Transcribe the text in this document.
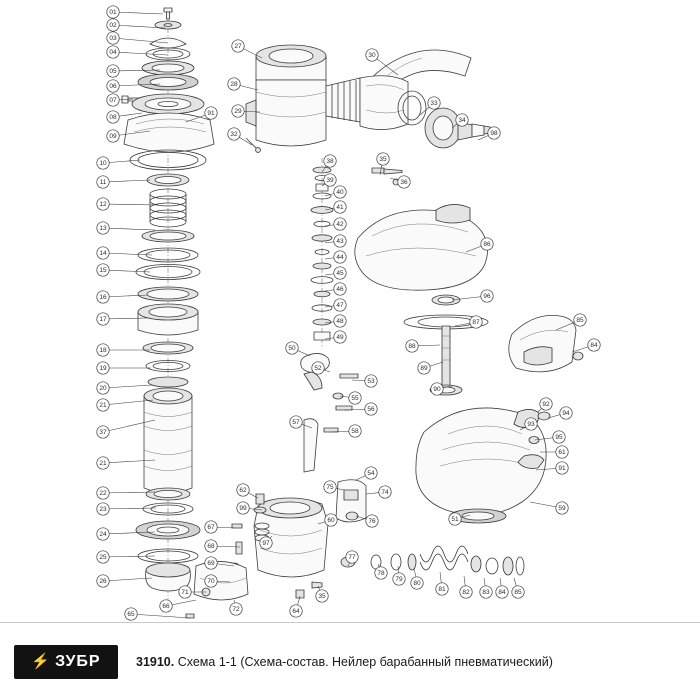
01
02
03
04
05
06
07
08
09
10
11
12
13
14
15
16
17
18
19
20
21
37
21
22
23
24
25
26
91
27
28
29
32
30
33
34
98
35
36
38
39
40
41
42
43
44
45
46
47
48
49
86
96
87
89
88
90
85
84
92
94
93
95
61
91
59
51
50
52
53
55
56
57
58
54
75
74
76
60
62
99
67
68
69
70
71
66
65
72	64
35
77
78
79
80
81	82 83 84 85
97
⚡ ЗУБР	31910. Схема 1-1 (Схема-состав. Нейлер барабанный пневматический)
